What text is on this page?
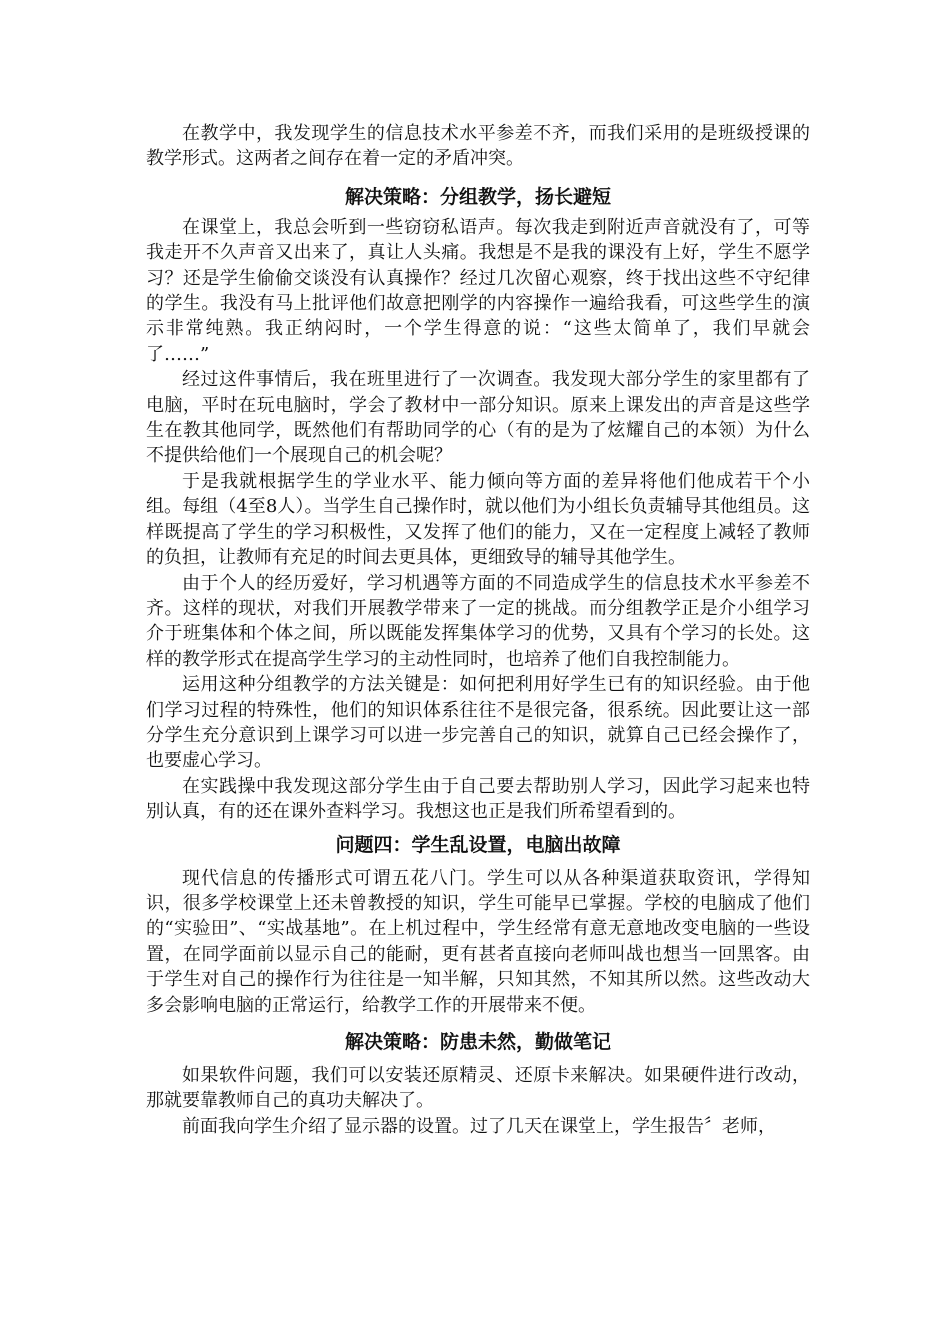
在教学中，我发现学生的信息技术水平参差不齐，而我们采用的是班级授课的教学形式。这两者之间存在着一定的矛盾冲突。

解决策略：分组教学，扬长避短

在课堂上，我总会听到一些窃窃私语声。每次我走到附近声音就没有了，可等我走开不久声音又出来了，真让人头痛。我想是不是我的课没有上好，学生不愿学习？还是学生偷偷交谈没有认真操作？经过几次留心观察，终于找出这些不守纪律的学生。我没有马上批评他们故意把刚学的内容操作一遍给我看，可这些学生的演示非常纯熟。我正纳闷时，一个学生得意的说：“这些太简单了，我们早就会了……”

经过这件事情后，我在班里进行了一次调查。我发现大部分学生的家里都有了电脑，平时在玩电脑时，学会了教材中一部分知识。原来上课发出的声音是这些学生在教其他同学，既然他们有帮助同学的心（有的是为了炫耀自己的本领）为什么不提供给他们一个展现自己的机会呢？

于是我就根据学生的学业水平、能力倾向等方面的差异将他们他成若干个小组。每组（4至8人）。当学生自己操作时，就以他们为小组长负责辅导其他组员。这样既提高了学生的学习积极性，又发挥了他们的能力，又在一定程度上减轻了教师的负担，让教师有充足的时间去更具体，更细致导的辅导其他学生。

由于个人的经历爱好，学习机遇等方面的不同造成学生的信息技术水平参差不齐。这样的现状，对我们开展教学带来了一定的挑战。而分组教学正是介小组学习介于班集体和个体之间，所以既能发挥集体学习的优势，又具有个学习的长处。这样的教学形式在提高学生学习的主动性同时，也培养了他们自我控制能力。

运用这种分组教学的方法关键是：如何把利用好学生已有的知识经验。由于他们学习过程的特殊性，他们的知识体系往往不是很完备，很系统。因此要让这一部分学生充分意识到上课学习可以进一步完善自己的知识，就算自己已经会操作了，也要虚心学习。

在实践操中我发现这部分学生由于自己要去帮助别人学习，因此学习起来也特别认真，有的还在课外查料学习。我想这也正是我们所希望看到的。

问题四：学生乱设置，电脑出故障

现代信息的传播形式可谓五花八门。学生可以从各种渠道获取资讯，学得知识，很多学校课堂上还未曾教授的知识，学生可能早已掌握。学校的电脑成了他们的“实验田”、“实战基地”。在上机过程中，学生经常有意无意地改变电脑的一些设置，在同学面前以显示自己的能耐，更有甚者直接向老师叫战也想当一回黑客。由于学生对自己的操作行为往往是一知半解，只知其然，不知其所以然。这些改动大多会影响电脑的正常运行，给教学工作的开展带来不便。

解决策略：防患未然，勤做笔记

如果软件问题，我们可以安装还原精灵、还原卡来解决。如果硬件进行改动，那就要靠教师自己的真功夫解决了。

前面我向学生介绍了显示器的设置。过了几天在课堂上，学生报告〞老师，
